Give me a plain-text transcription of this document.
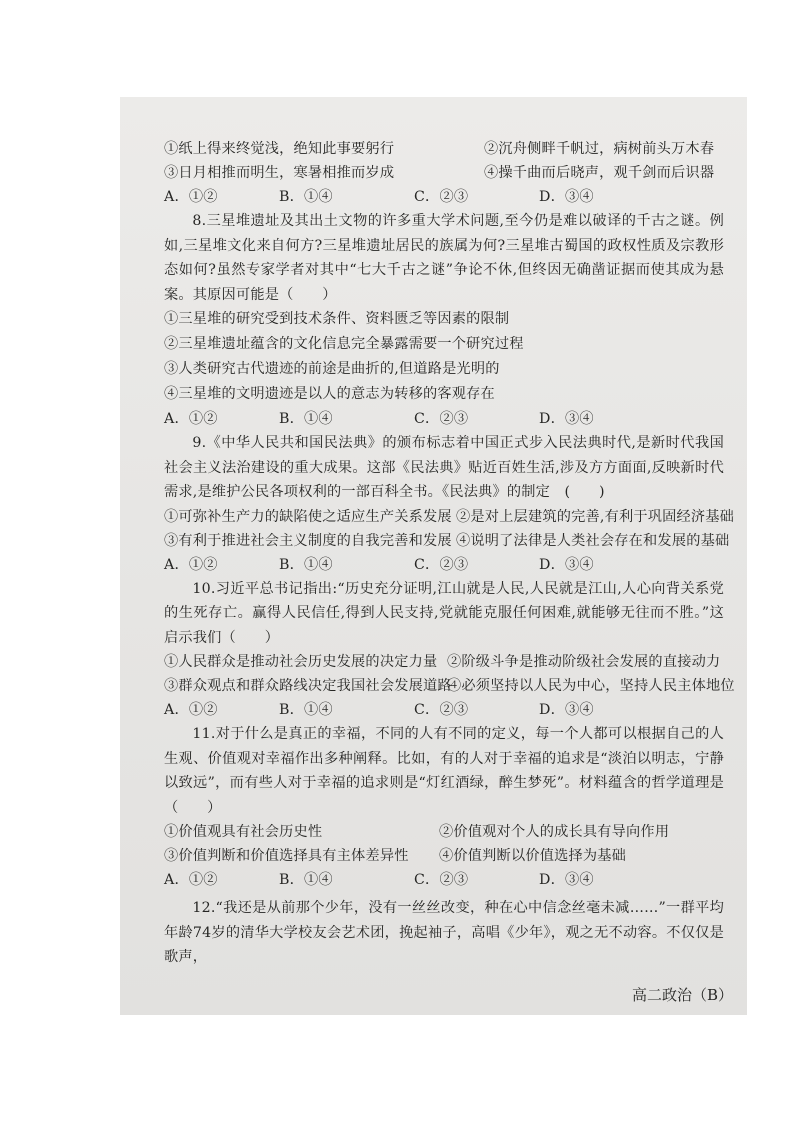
①纸上得来终觉浅，绝知此事要躬行	②沉舟侧畔千帆过，病树前头万木春
③日月相推而明生，寒暑相推而岁成	④操千曲而后晓声，观千剑而后识器
A．①②	B．①④	C．②③	D．③④
8.三星堆遗址及其出土文物的许多重大学术问题,至今仍是难以破译的千古之谜。例如,三星堆文化来自何方?三星堆遗址居民的族属为何?三星堆古蜀国的政权性质及宗教形态如何?虽然专家学者对其中“七大千古之谜”争论不休,但终因无确凿证据而使其成为悬案。其原因可能是（　　）
①三星堆的研究受到技术条件、资料匮乏等因素的限制
②三星堆遗址蕴含的文化信息完全暴露需要一个研究过程
③人类研究古代遗迹的前途是曲折的,但道路是光明的
④三星堆的文明遗迹是以人的意志为转移的客观存在
A．①②	B．①④	C．②③	D．③④
9.《中华人民共和国民法典》的颁布标志着中国正式步入民法典时代,是新时代我国社会主义法治建设的重大成果。这部《民法典》贴近百姓生活,涉及方方面面,反映新时代需求,是维护公民各项权利的一部百科全书。《民法典》的制定　(　　)
①可弥补生产力的缺陷使之适应生产关系发展 ②是对上层建筑的完善,有利于巩固经济基础
③有利于推进社会主义制度的自我完善和发展 ④说明了法律是人类社会存在和发展的基础
A．①②	B．①④	C．②③	D．③④
10.习近平总书记指出:“历史充分证明,江山就是人民,人民就是江山,人心向背关系党的生死存亡。赢得人民信任,得到人民支持,党就能克服任何困难,就能够无往而不胜。”这启示我们（　　）
①人民群众是推动社会历史发展的决定力量 ②阶级斗争是推动阶级社会发展的直接动力
③群众观点和群众路线决定我国社会发展道路
④必须坚持以人民为中心，坚持人民主体地位
A．①②	B．①④	C．②③	D．③④
11.对于什么是真正的幸福，不同的人有不同的定义，每一个人都可以根据自己的人生观、价值观对幸福作出多种阐释。比如，有的人对于幸福的追求是“淡泊以明志，宁静以致远”，而有些人对于幸福的追求则是“灯红酒绿，醉生梦死”。材料蕴含的哲学道理是（　　）
①价值观具有社会历史性	②价值观对个人的成长具有导向作用
③价值判断和价值选择具有主体差异性	④价值判断以价值选择为基础
A．①②	B．①④	C．②③	D．③④
12.“我还是从前那个少年，没有一丝丝改变，种在心中信念丝毫未减……”一群平均年龄74岁的清华大学校友会艺术团，挽起袖子，高唱《少年》，观之无不动容。不仅仅是歌声，
高二政治（B）
